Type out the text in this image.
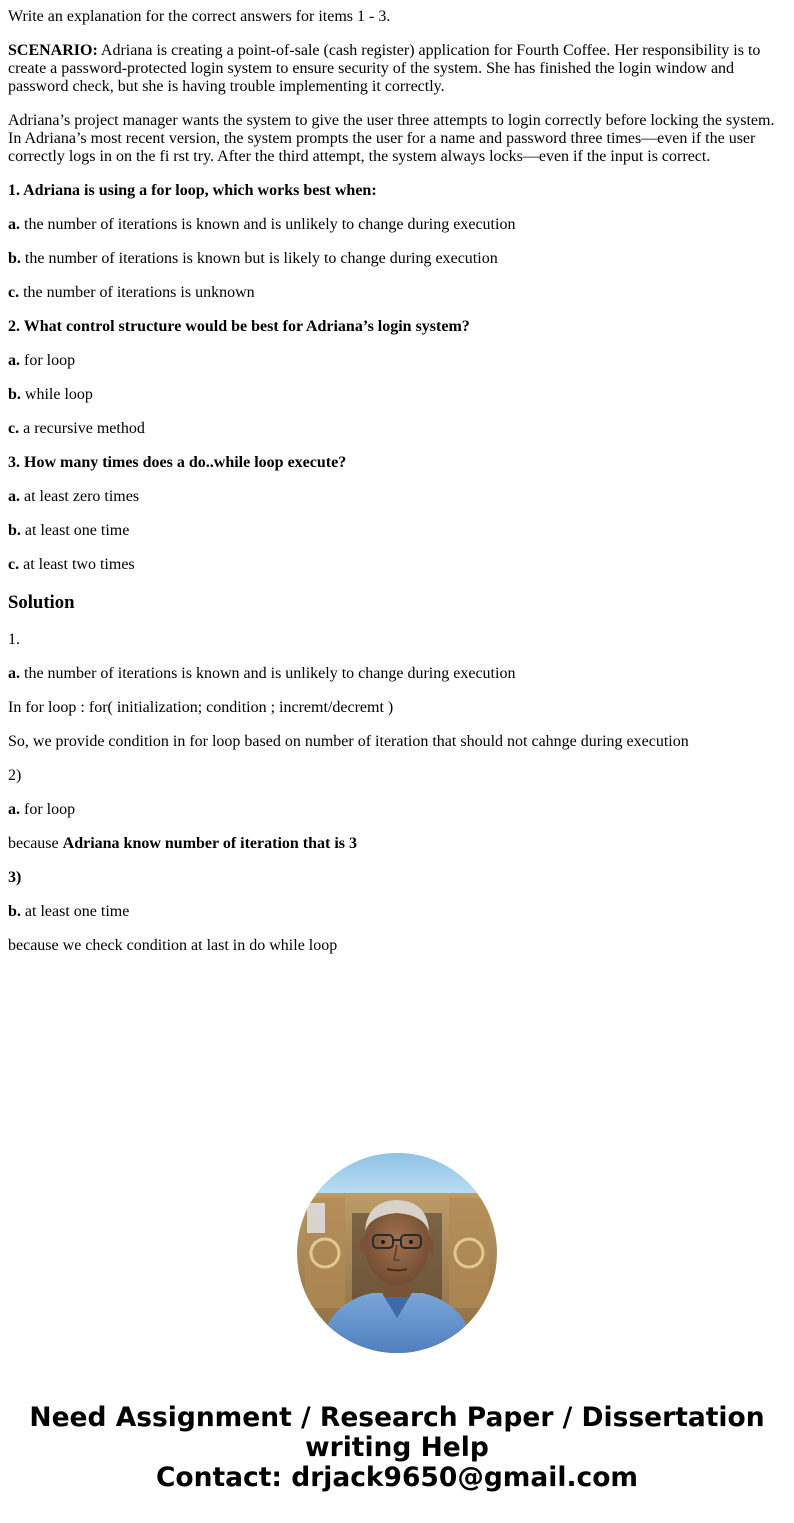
Write an explanation for the correct answers for items 1 - 3.

SCENARIO: Adriana is creating a point-of-sale (cash register) application for Fourth Coffee. Her responsibility is to create a password-protected login system to ensure security of the system. She has finished the login window and password check, but she is having trouble implementing it correctly.

Adriana’s project manager wants the system to give the user three attempts to login correctly before locking the system. In Adriana’s most recent version, the system prompts the user for a name and password three times—even if the user correctly logs in on the fi rst try. After the third attempt, the system always locks—even if the input is correct.

1. Adriana is using a for loop, which works best when:

a. the number of iterations is known and is unlikely to change during execution

b. the number of iterations is known but is likely to change during execution

c. the number of iterations is unknown

2. What control structure would be best for Adriana’s login system?

a. for loop

b. while loop

c. a recursive method

3. How many times does a do..while loop execute?

a. at least zero times

b. at least one time

c. at least two times

Solution

1.

a. the number of iterations is known and is unlikely to change during execution

In for loop : for( initialization; condition ; incremt/decremt )

So, we provide condition in for loop based on number of iteration that should not cahnge during execution

2)

a. for loop

because Adriana know number of iteration that is 3

3)

b. at least one time

because we check condition at last in do while loop

Need Assignment / Research Paper / Dissertation
writing Help
Contact: drjack9650@gmail.com
